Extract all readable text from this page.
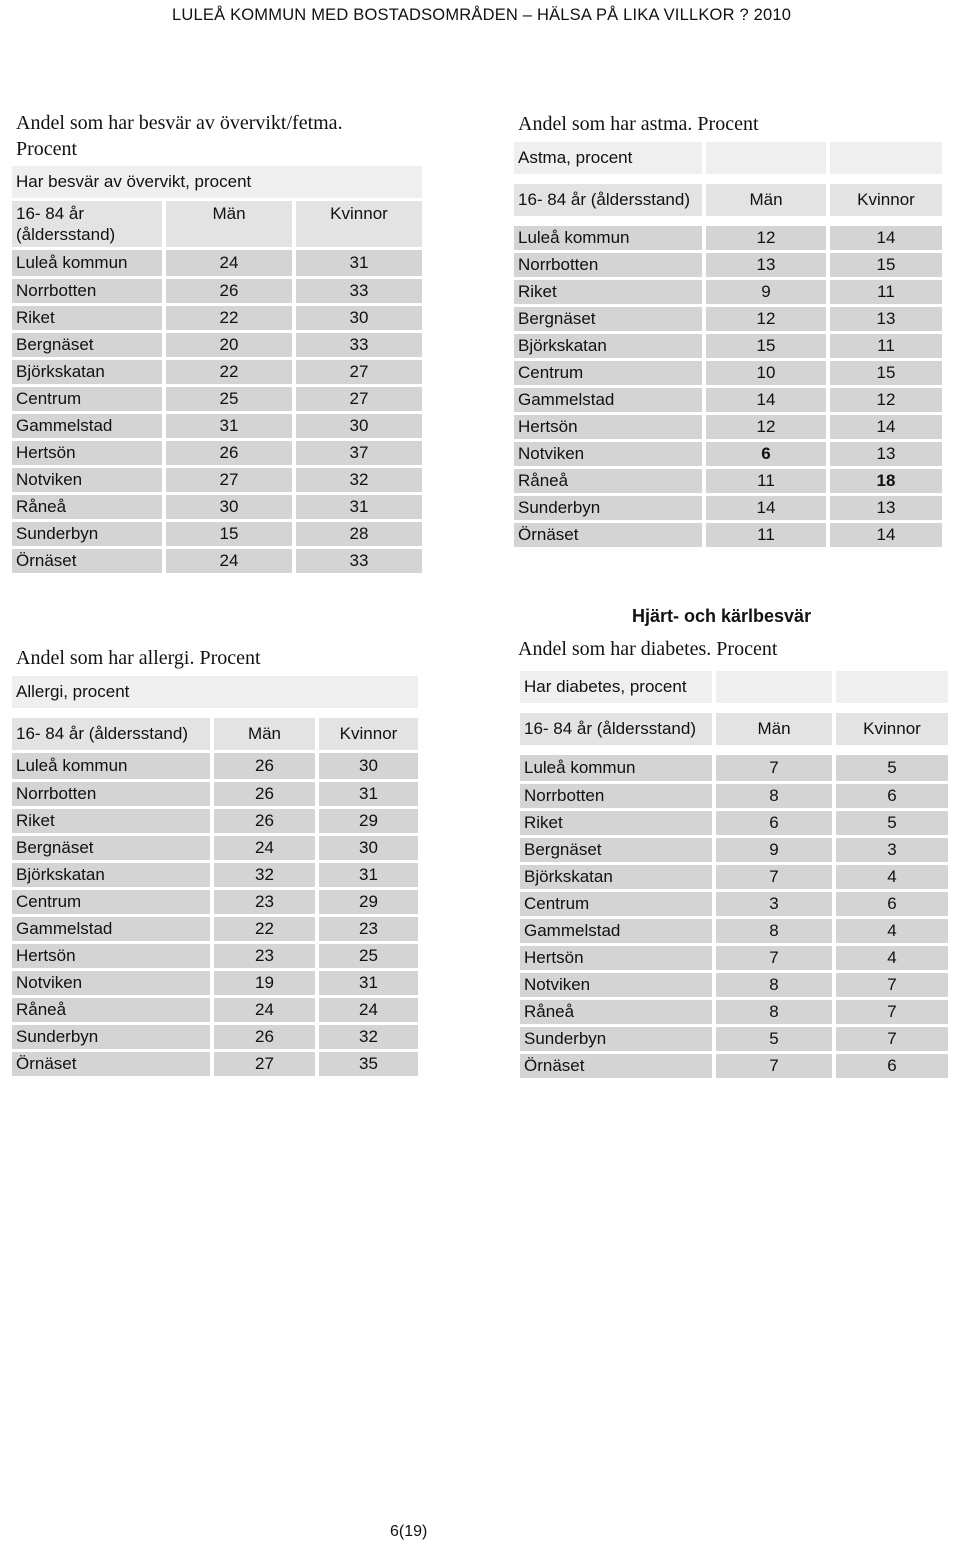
LULEÅ KOMMUN MED BOSTADSOMRÅDEN – HÄLSA PÅ LIKA VILLKOR ? 2010
Andel som har besvär av övervikt/fetma.
Procent
Har besvär av övervikt, procent		

16- 84 år
(åldersstand)	Män	Kvinnor
Luleå kommun	24	31
Norrbotten	26	33
Riket	22	30
Bergnäset	20	33
Björkskatan	22	27
Centrum	25	27
Gammelstad	31	30
Hertsön	26	37
Notviken	27	32
Råneå	30	31
Sunderbyn	15	28
Örnäset	24	33
Andel som har allergi. Procent
Allergi, procent		

16- 84 år (åldersstand)	Män	Kvinnor
Luleå kommun	26	30
Norrbotten	26	31
Riket	26	29
Bergnäset	24	30
Björkskatan	32	31
Centrum	23	29
Gammelstad	22	23
Hertsön	23	25
Notviken	19	31
Råneå	24	24
Sunderbyn	26	32
Örnäset	27	35
Andel som har astma. Procent
Astma, procent		

16- 84 år (åldersstand)	Män	Kvinnor

Luleå kommun	12	14
Norrbotten	13	15
Riket	9	11
Bergnäset	12	13
Björkskatan	15	11
Centrum	10	15
Gammelstad	14	12
Hertsön	12	14
Notviken	6	13
Råneå	11	18
Sunderbyn	14	13
Örnäset	11	14
Hjärt- och kärlbesvär
Andel som har diabetes. Procent
Har diabetes, procent		

16- 84 år (åldersstand)	Män	Kvinnor

Luleå kommun	7	5
Norrbotten	8	6
Riket	6	5
Bergnäset	9	3
Björkskatan	7	4
Centrum	3	6
Gammelstad	8	4
Hertsön	7	4
Notviken	8	7
Råneå	8	7
Sunderbyn	5	7
Örnäset	7	6
6(19)
